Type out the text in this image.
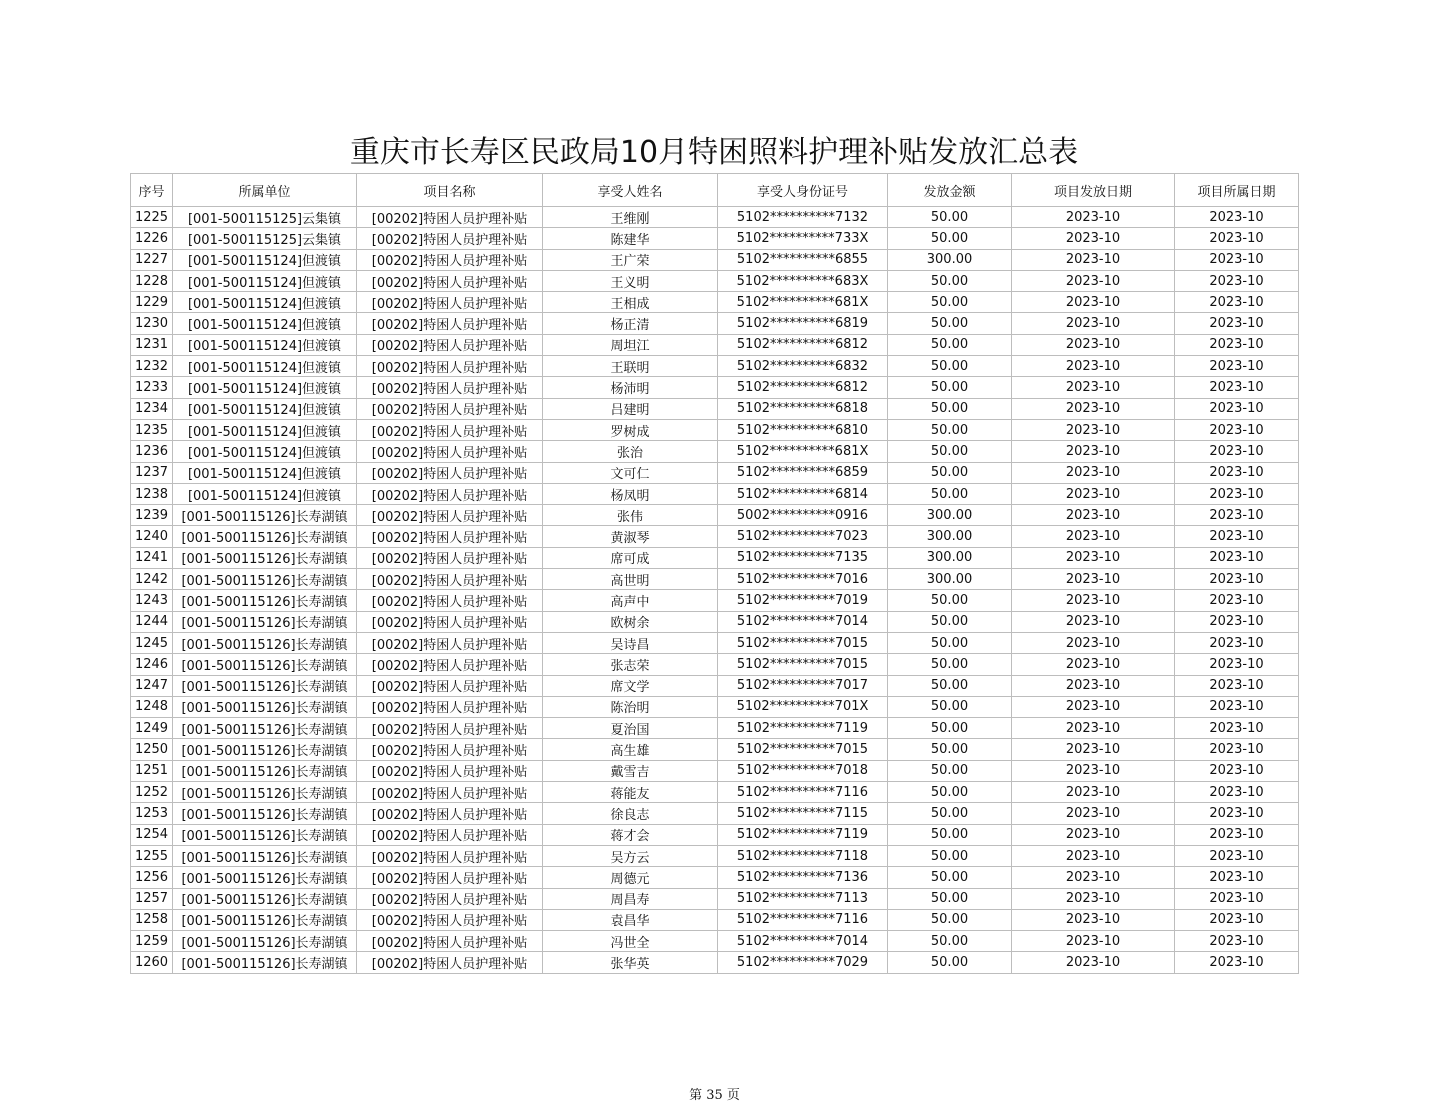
重庆市长寿区民政局10月特困照料护理补贴发放汇总表
序号	所属单位	项目名称	享受人姓名	享受人身份证号	发放金额	项目发放日期	项目所属日期
1225	[001-500115125]云集镇	[00202]特困人员护理补贴	王维刚	5102**********7132	50.00	2023-10	2023-10
1226	[001-500115125]云集镇	[00202]特困人员护理补贴	陈建华	5102**********733X	50.00	2023-10	2023-10
1227	[001-500115124]但渡镇	[00202]特困人员护理补贴	王广荣	5102**********6855	300.00	2023-10	2023-10
1228	[001-500115124]但渡镇	[00202]特困人员护理补贴	王义明	5102**********683X	50.00	2023-10	2023-10
1229	[001-500115124]但渡镇	[00202]特困人员护理补贴	王相成	5102**********681X	50.00	2023-10	2023-10
1230	[001-500115124]但渡镇	[00202]特困人员护理补贴	杨正清	5102**********6819	50.00	2023-10	2023-10
1231	[001-500115124]但渡镇	[00202]特困人员护理补贴	周坦江	5102**********6812	50.00	2023-10	2023-10
1232	[001-500115124]但渡镇	[00202]特困人员护理补贴	王联明	5102**********6832	50.00	2023-10	2023-10
1233	[001-500115124]但渡镇	[00202]特困人员护理补贴	杨沛明	5102**********6812	50.00	2023-10	2023-10
1234	[001-500115124]但渡镇	[00202]特困人员护理补贴	吕建明	5102**********6818	50.00	2023-10	2023-10
1235	[001-500115124]但渡镇	[00202]特困人员护理补贴	罗树成	5102**********6810	50.00	2023-10	2023-10
1236	[001-500115124]但渡镇	[00202]特困人员护理补贴	张治	5102**********681X	50.00	2023-10	2023-10
1237	[001-500115124]但渡镇	[00202]特困人员护理补贴	文可仁	5102**********6859	50.00	2023-10	2023-10
1238	[001-500115124]但渡镇	[00202]特困人员护理补贴	杨凤明	5102**********6814	50.00	2023-10	2023-10
1239	[001-500115126]长寿湖镇	[00202]特困人员护理补贴	张伟	5002**********0916	300.00	2023-10	2023-10
1240	[001-500115126]长寿湖镇	[00202]特困人员护理补贴	黄淑琴	5102**********7023	300.00	2023-10	2023-10
1241	[001-500115126]长寿湖镇	[00202]特困人员护理补贴	席可成	5102**********7135	300.00	2023-10	2023-10
1242	[001-500115126]长寿湖镇	[00202]特困人员护理补贴	高世明	5102**********7016	300.00	2023-10	2023-10
1243	[001-500115126]长寿湖镇	[00202]特困人员护理补贴	高声中	5102**********7019	50.00	2023-10	2023-10
1244	[001-500115126]长寿湖镇	[00202]特困人员护理补贴	欧树余	5102**********7014	50.00	2023-10	2023-10
1245	[001-500115126]长寿湖镇	[00202]特困人员护理补贴	吴诗昌	5102**********7015	50.00	2023-10	2023-10
1246	[001-500115126]长寿湖镇	[00202]特困人员护理补贴	张志荣	5102**********7015	50.00	2023-10	2023-10
1247	[001-500115126]长寿湖镇	[00202]特困人员护理补贴	席文学	5102**********7017	50.00	2023-10	2023-10
1248	[001-500115126]长寿湖镇	[00202]特困人员护理补贴	陈治明	5102**********701X	50.00	2023-10	2023-10
1249	[001-500115126]长寿湖镇	[00202]特困人员护理补贴	夏治国	5102**********7119	50.00	2023-10	2023-10
1250	[001-500115126]长寿湖镇	[00202]特困人员护理补贴	高生雄	5102**********7015	50.00	2023-10	2023-10
1251	[001-500115126]长寿湖镇	[00202]特困人员护理补贴	戴雪吉	5102**********7018	50.00	2023-10	2023-10
1252	[001-500115126]长寿湖镇	[00202]特困人员护理补贴	蒋能友	5102**********7116	50.00	2023-10	2023-10
1253	[001-500115126]长寿湖镇	[00202]特困人员护理补贴	徐良志	5102**********7115	50.00	2023-10	2023-10
1254	[001-500115126]长寿湖镇	[00202]特困人员护理补贴	蒋才会	5102**********7119	50.00	2023-10	2023-10
1255	[001-500115126]长寿湖镇	[00202]特困人员护理补贴	吴方云	5102**********7118	50.00	2023-10	2023-10
1256	[001-500115126]长寿湖镇	[00202]特困人员护理补贴	周德元	5102**********7136	50.00	2023-10	2023-10
1257	[001-500115126]长寿湖镇	[00202]特困人员护理补贴	周昌寿	5102**********7113	50.00	2023-10	2023-10
1258	[001-500115126]长寿湖镇	[00202]特困人员护理补贴	袁昌华	5102**********7116	50.00	2023-10	2023-10
1259	[001-500115126]长寿湖镇	[00202]特困人员护理补贴	冯世全	5102**********7014	50.00	2023-10	2023-10
1260	[001-500115126]长寿湖镇	[00202]特困人员护理补贴	张华英	5102**********7029	50.00	2023-10	2023-10
第 35 页
